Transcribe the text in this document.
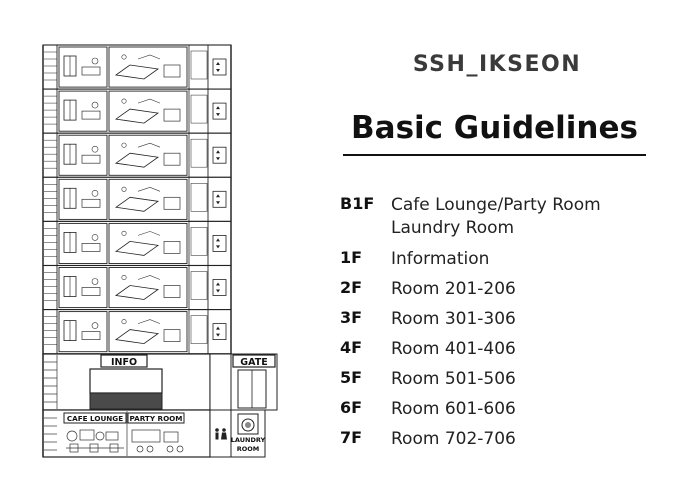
INFO	GATE
CAFE LOUNGE PARTY ROOM
LAUNDRY
ROOM
SSH_IKSEON
Basic Guidelines
B1F Cafe Lounge/Party Room
Laundry Room
1F Information
2F Room 201-206
3F Room 301-306
4F Room 401-406
5F Room 501-506
6F Room 601-606
7F Room 702-706
